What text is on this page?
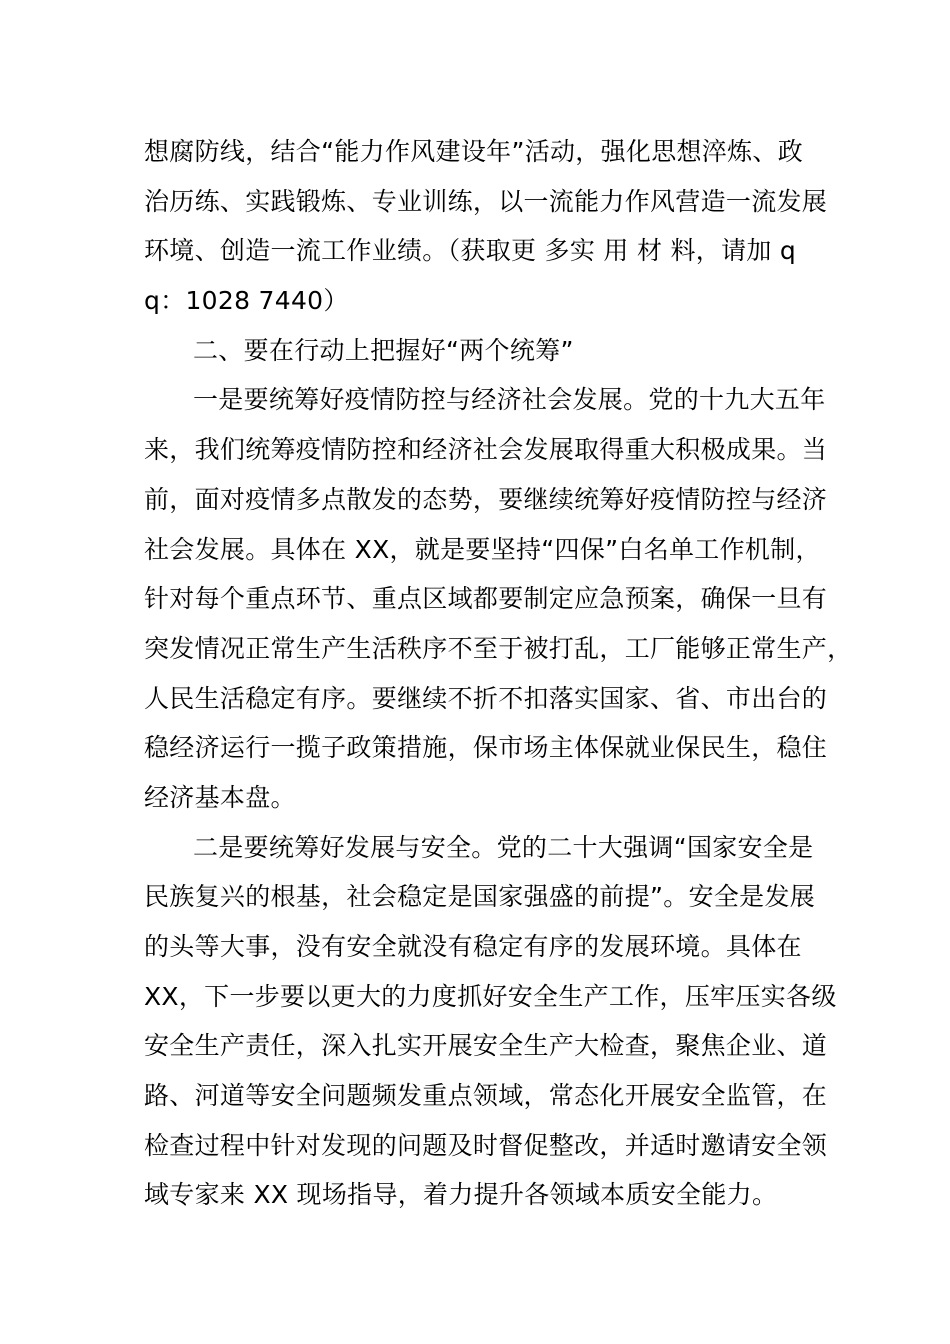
想腐防线，结合“能力作风建设年”活动，强化思想淬炼、政
治历练、实践锻炼、专业训练，以一流能力作风营造一流发展
环境、创造一流工作业绩。（获取更 多实 用 材 料，请加 q
q：1028 7440）
二、要在行动上把握好“两个统筹”
一是要统筹好疫情防控与经济社会发展。党的十九大五年
来，我们统筹疫情防控和经济社会发展取得重大积极成果。当
前，面对疫情多点散发的态势，要继续统筹好疫情防控与经济
社会发展。具体在 XX，就是要坚持“四保”白名单工作机制，
针对每个重点环节、重点区域都要制定应急预案，确保一旦有
突发情况正常生产生活秩序不至于被打乱，工厂能够正常生产，
人民生活稳定有序。要继续不折不扣落实国家、省、市出台的
稳经济运行一揽子政策措施，保市场主体保就业保民生，稳住
经济基本盘。
二是要统筹好发展与安全。党的二十大强调“国家安全是
民族复兴的根基，社会稳定是国家强盛的前提”。安全是发展
的头等大事，没有安全就没有稳定有序的发展环境。具体在
XX，下一步要以更大的力度抓好安全生产工作，压牢压实各级
安全生产责任，深入扎实开展安全生产大检查，聚焦企业、道
路、河道等安全问题频发重点领域，常态化开展安全监管，在
检查过程中针对发现的问题及时督促整改，并适时邀请安全领
域专家来 XX 现场指导，着力提升各领域本质安全能力。
